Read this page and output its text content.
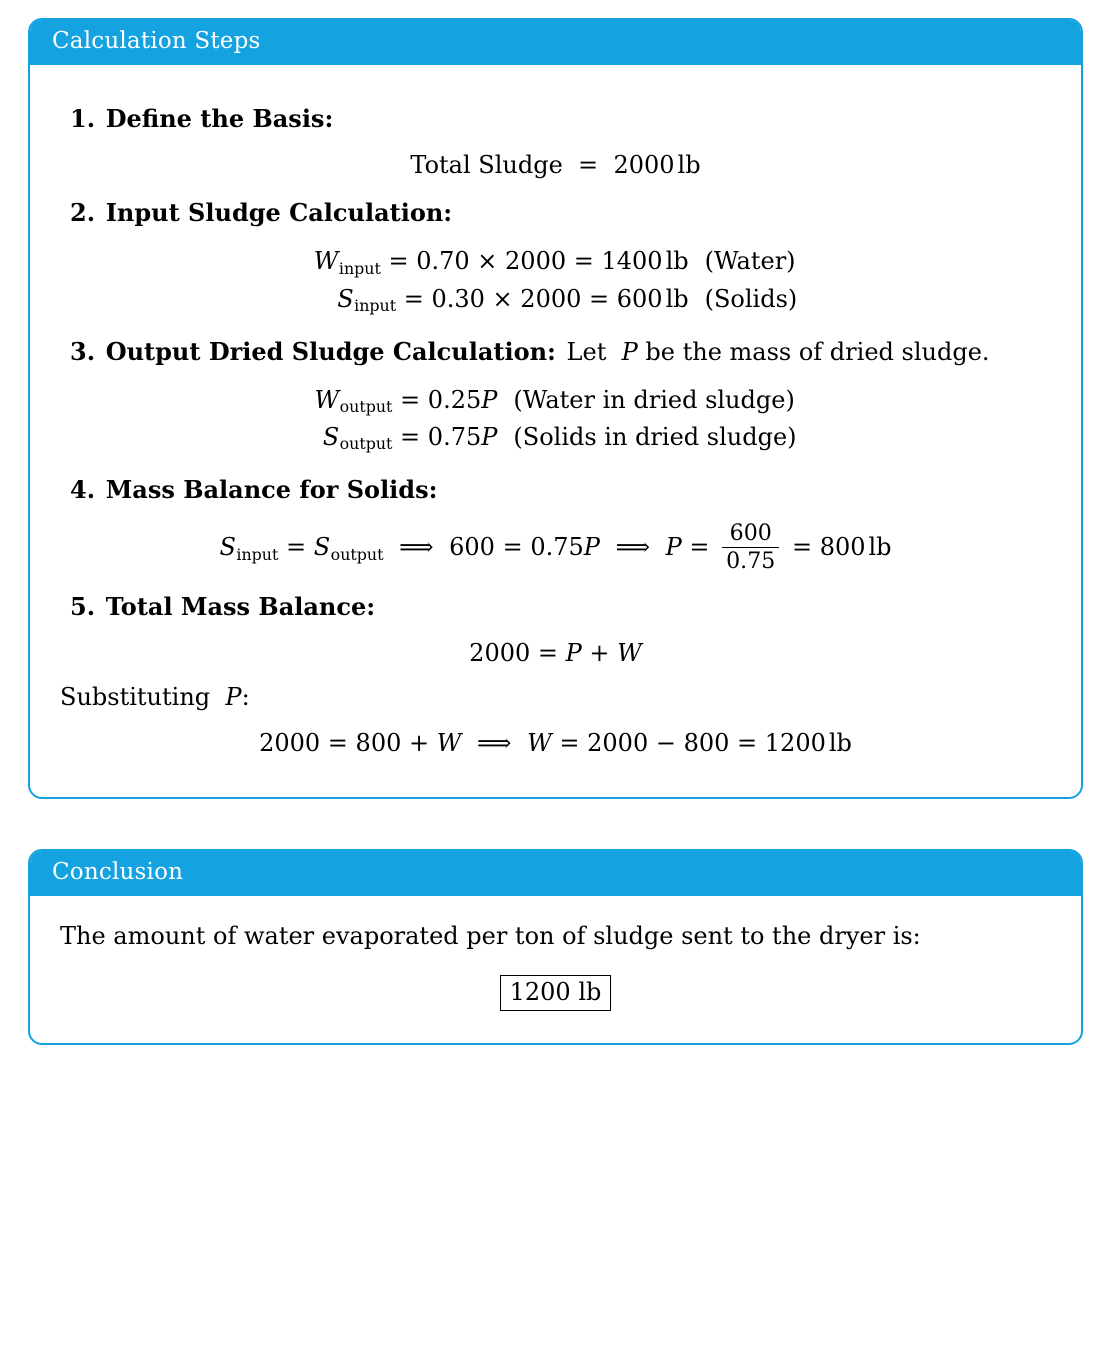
Calculation Steps
1. Define the Basis:
Total Sludge  =  2000 lb
2. Input Sludge Calculation:
$W_{input} = 0.70 \times 2000 = 1400$ lb (Water)
$S_{input} = 0.30 \times 2000 = 600$ lb (Solids)
3. Output Dried Sludge Calculation: Let  P be the mass of dried sludge.
$W_{output} = 0.25P$ (Water in dried sludge)
$S_{output} = 0.75P$ (Solids in dried sludge)
4. Mass Balance for Solids:
$S_{input} = S_{output}$ ⟹ 600 = 0.75P ⟹ $P = \frac{600}{0.75} = 800$ lb
5. Total Mass Balance:
2000 = P + W
Substituting  P:
2000 = 800 + W ⟹ W = 2000 − 800 = 1200 lb
Conclusion
The amount of water evaporated per ton of sludge sent to the dryer is:
1200 lb
